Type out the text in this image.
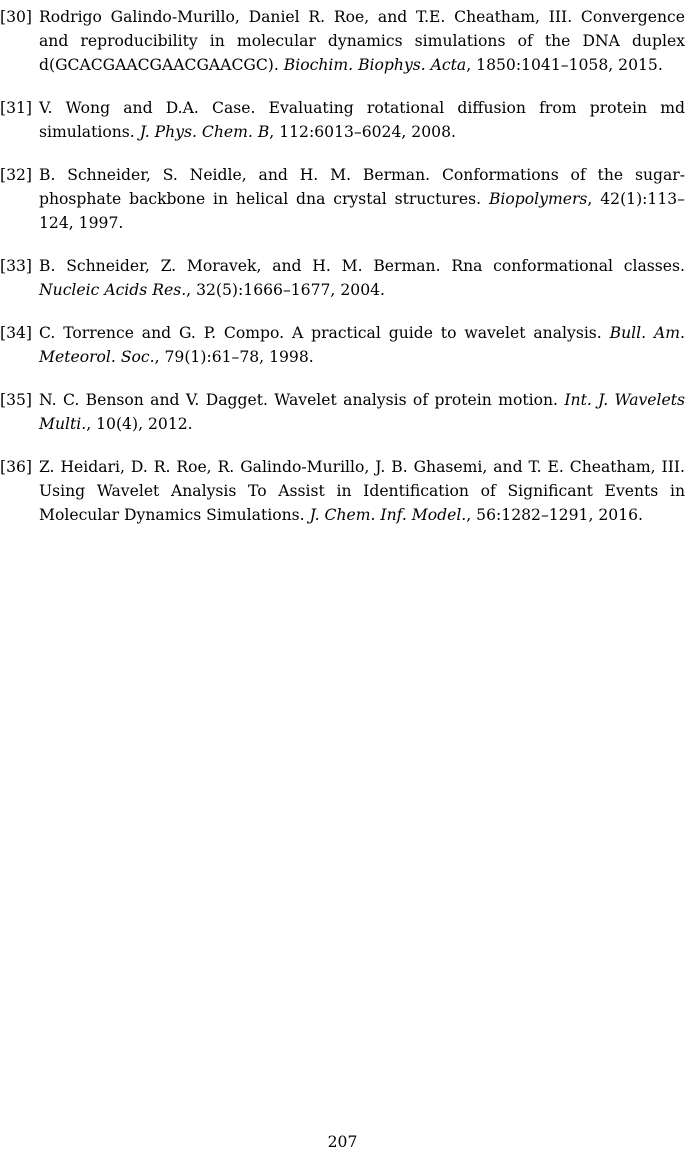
[30] Rodrigo Galindo-Murillo, Daniel R. Roe, and T.E. Cheatham, III. Convergence and reproducibility in molecular dynamics simulations of the DNA duplex d(GCACGAACGAACGAACGC). Biochim. Biophys. Acta, 1850:1041–1058, 2015.
[31] V. Wong and D.A. Case. Evaluating rotational diffusion from protein md simulations. J. Phys. Chem. B, 112:6013–6024, 2008.
[32] B. Schneider, S. Neidle, and H. M. Berman. Conformations of the sugar-phosphate backbone in helical dna crystal structures. Biopolymers, 42(1):113–124, 1997.
[33] B. Schneider, Z. Moravek, and H. M. Berman. Rna conformational classes. Nucleic Acids Res., 32(5):1666–1677, 2004.
[34] C. Torrence and G. P. Compo. A practical guide to wavelet analysis. Bull. Am. Meteorol. Soc., 79(1):61–78, 1998.
[35] N. C. Benson and V. Dagget. Wavelet analysis of protein motion. Int. J. Wavelets Multi., 10(4), 2012.
[36] Z. Heidari, D. R. Roe, R. Galindo-Murillo, J. B. Ghasemi, and T. E. Cheatham, III. Using Wavelet Analysis To Assist in Identification of Significant Events in Molecular Dynamics Simulations. J. Chem. Inf. Model., 56:1282–1291, 2016.
207
